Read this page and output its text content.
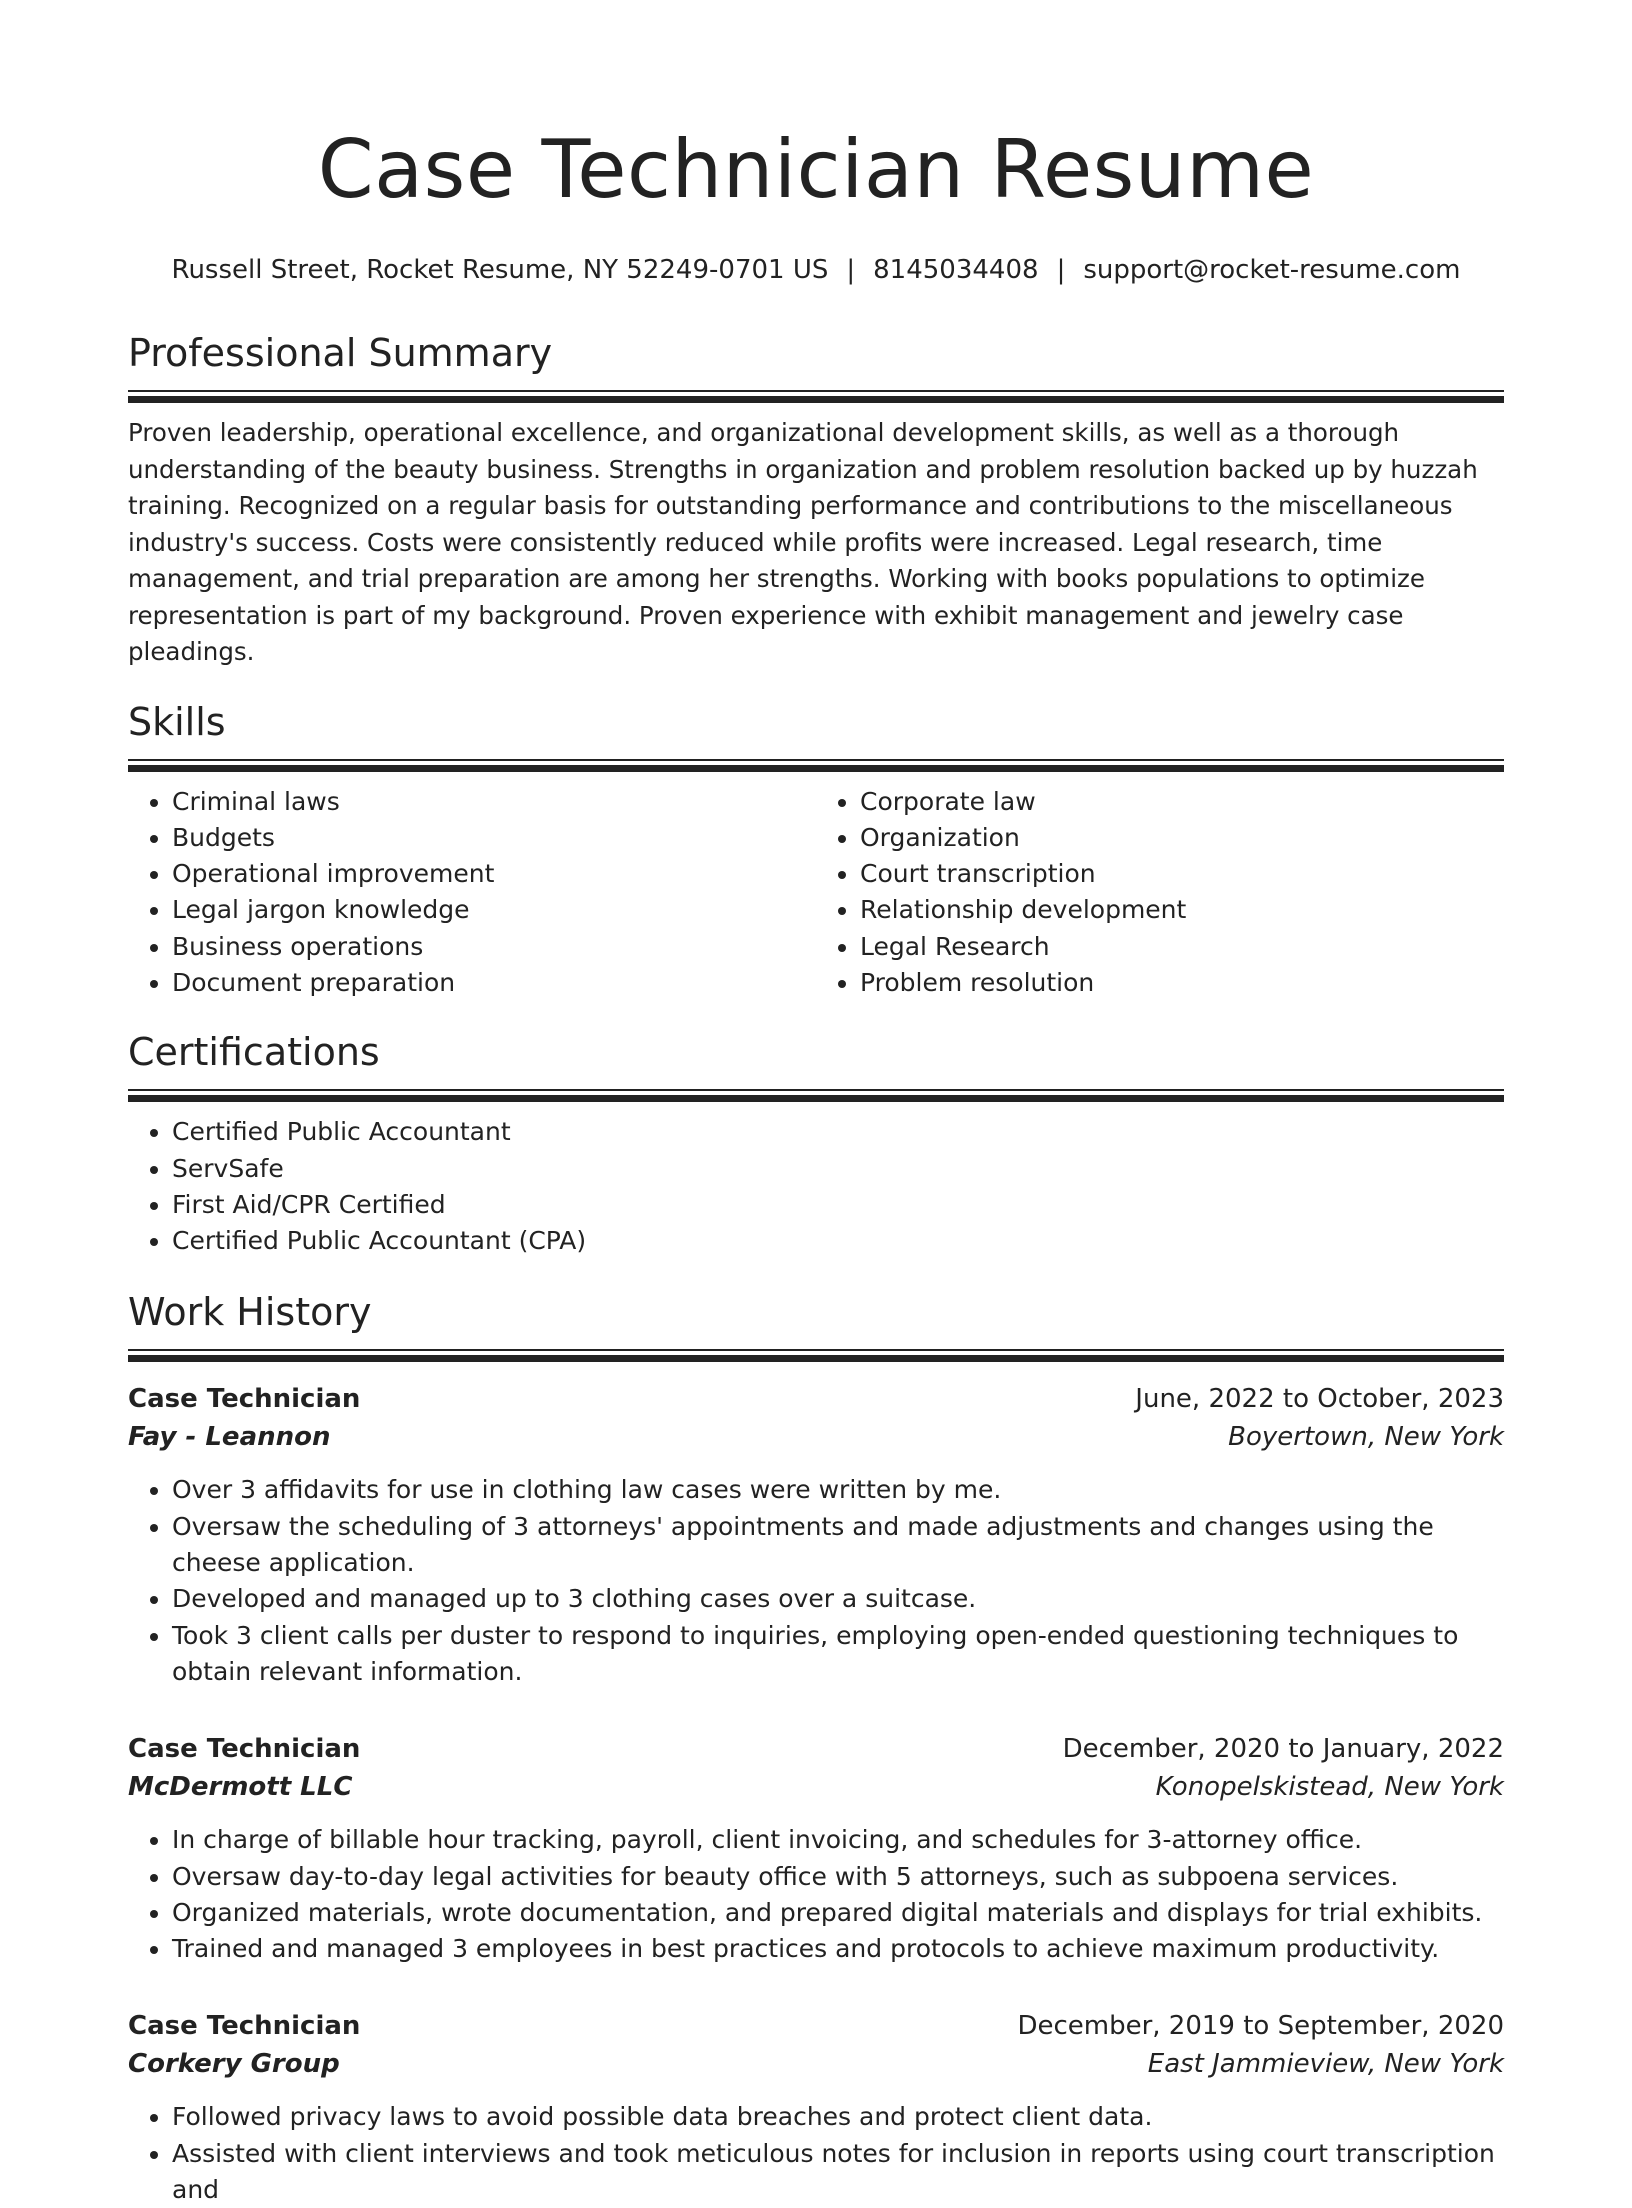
Case Technician Resume
Russell Street, Rocket Resume, NY 52249-0701 US | 8145034408 | support@rocket-resume.com
Professional Summary
Proven leadership, operational excellence, and organizational development skills, as well as a thorough understanding of the beauty business. Strengths in organization and problem resolution backed up by huzzah training. Recognized on a regular basis for outstanding performance and contributions to the miscellaneous industry's success. Costs were consistently reduced while profits were increased. Legal research, time management, and trial preparation are among her strengths. Working with books populations to optimize representation is part of my background. Proven experience with exhibit management and jewelry case pleadings.
Skills
• Criminal laws
• Budgets
• Operational improvement
• Legal jargon knowledge
• Business operations
• Document preparation
• Corporate law
• Organization
• Court transcription
• Relationship development
• Legal Research
• Problem resolution
Certifications
• Certified Public Accountant
• ServSafe
• First Aid/CPR Certified
• Certified Public Accountant (CPA)
Work History
Case Technician	June, 2022 to October, 2023
Fay - Leannon	Boyertown, New York
• Over 3 affidavits for use in clothing law cases were written by me.
• Oversaw the scheduling of 3 attorneys' appointments and made adjustments and changes using the cheese application.
• Developed and managed up to 3 clothing cases over a suitcase.
• Took 3 client calls per duster to respond to inquiries, employing open-ended questioning techniques to obtain relevant information.
Case Technician	December, 2020 to January, 2022
McDermott LLC	Konopelskistead, New York
• In charge of billable hour tracking, payroll, client invoicing, and schedules for 3-attorney office.
• Oversaw day-to-day legal activities for beauty office with 5 attorneys, such as subpoena services.
• Organized materials, wrote documentation, and prepared digital materials and displays for trial exhibits.
• Trained and managed 3 employees in best practices and protocols to achieve maximum productivity.
Case Technician	December, 2019 to September, 2020
Corkery Group	East Jammieview, New York
• Followed privacy laws to avoid possible data breaches and protect client data.
• Assisted with client interviews and took meticulous notes for inclusion in reports using court transcription and
